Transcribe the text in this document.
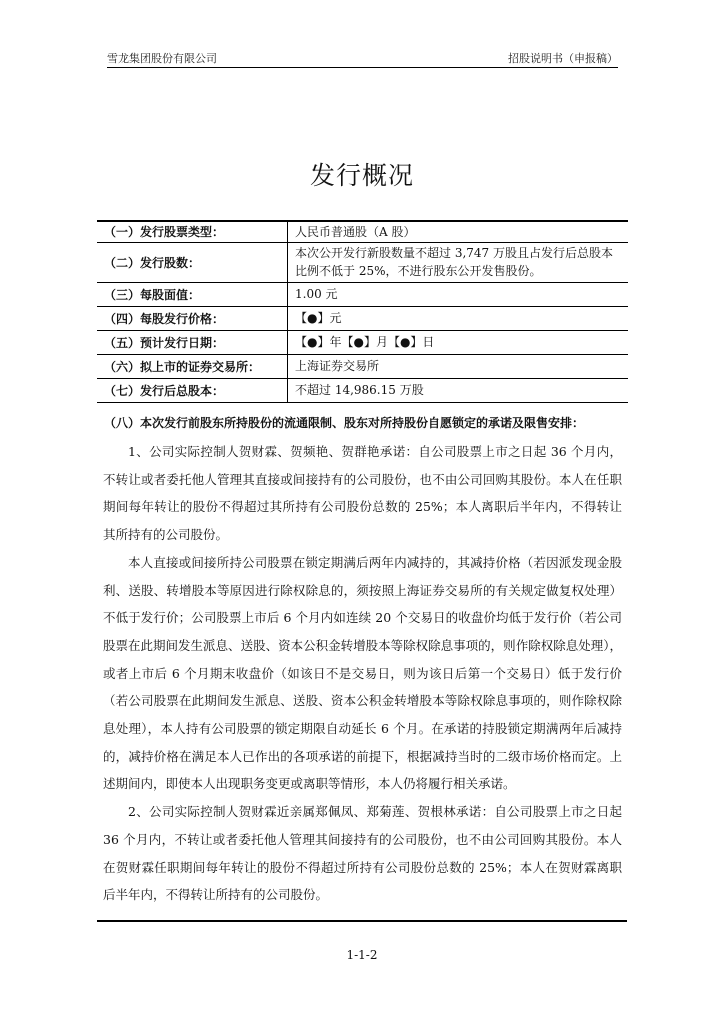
雪龙集团股份有限公司	招股说明书（申报稿）
发行概况
（一）发行股票类型：	人民币普通股（A 股）
（二）发行股数：	本次公开发行新股数量不超过 3,747 万股且占发行后总股本比例不低于 25%，不进行股东公开发售股份。
（三）每股面值：	1.00 元
（四）每股发行价格：	【●】元
（五）预计发行日期：	【●】年【●】月【●】日
（六）拟上市的证券交易所：	上海证券交易所
（七）发行后总股本：	不超过 14,986.15 万股
（八）本次发行前股东所持股份的流通限制、股东对所持股份自愿锁定的承诺及限售安排：

1、公司实际控制人贺财霖、贺频艳、贺群艳承诺：自公司股票上市之日起 36 个月内，不转让或者委托他人管理其直接或间接持有的公司股份，也不由公司回购其股份。本人在任职期间每年转让的股份不得超过其所持有公司股份总数的 25%；本人离职后半年内，不得转让其所持有的公司股份。

本人直接或间接所持公司股票在锁定期满后两年内减持的，其减持价格（若因派发现金股利、送股、转增股本等原因进行除权除息的，须按照上海证券交易所的有关规定做复权处理）不低于发行价；公司股票上市后 6 个月内如连续 20 个交易日的收盘价均低于发行价（若公司股票在此期间发生派息、送股、资本公积金转增股本等除权除息事项的，则作除权除息处理），或者上市后 6 个月期末收盘价（如该日不是交易日，则为该日后第一个交易日）低于发行价（若公司股票在此期间发生派息、送股、资本公积金转增股本等除权除息事项的，则作除权除息处理），本人持有公司股票的锁定期限自动延长 6 个月。在承诺的持股锁定期满两年后减持的，减持价格在满足本人已作出的各项承诺的前提下，根据减持当时的二级市场价格而定。上述期间内，即使本人出现职务变更或离职等情形，本人仍将履行相关承诺。

2、公司实际控制人贺财霖近亲属郑佩凤、郑菊莲、贺根林承诺：自公司股票上市之日起 36 个月内，不转让或者委托他人管理其间接持有的公司股份，也不由公司回购其股份。本人在贺财霖任职期间每年转让的股份不得超过所持有公司股份总数的 25%；本人在贺财霖离职后半年内，不得转让所持有的公司股份。

1-1-2
